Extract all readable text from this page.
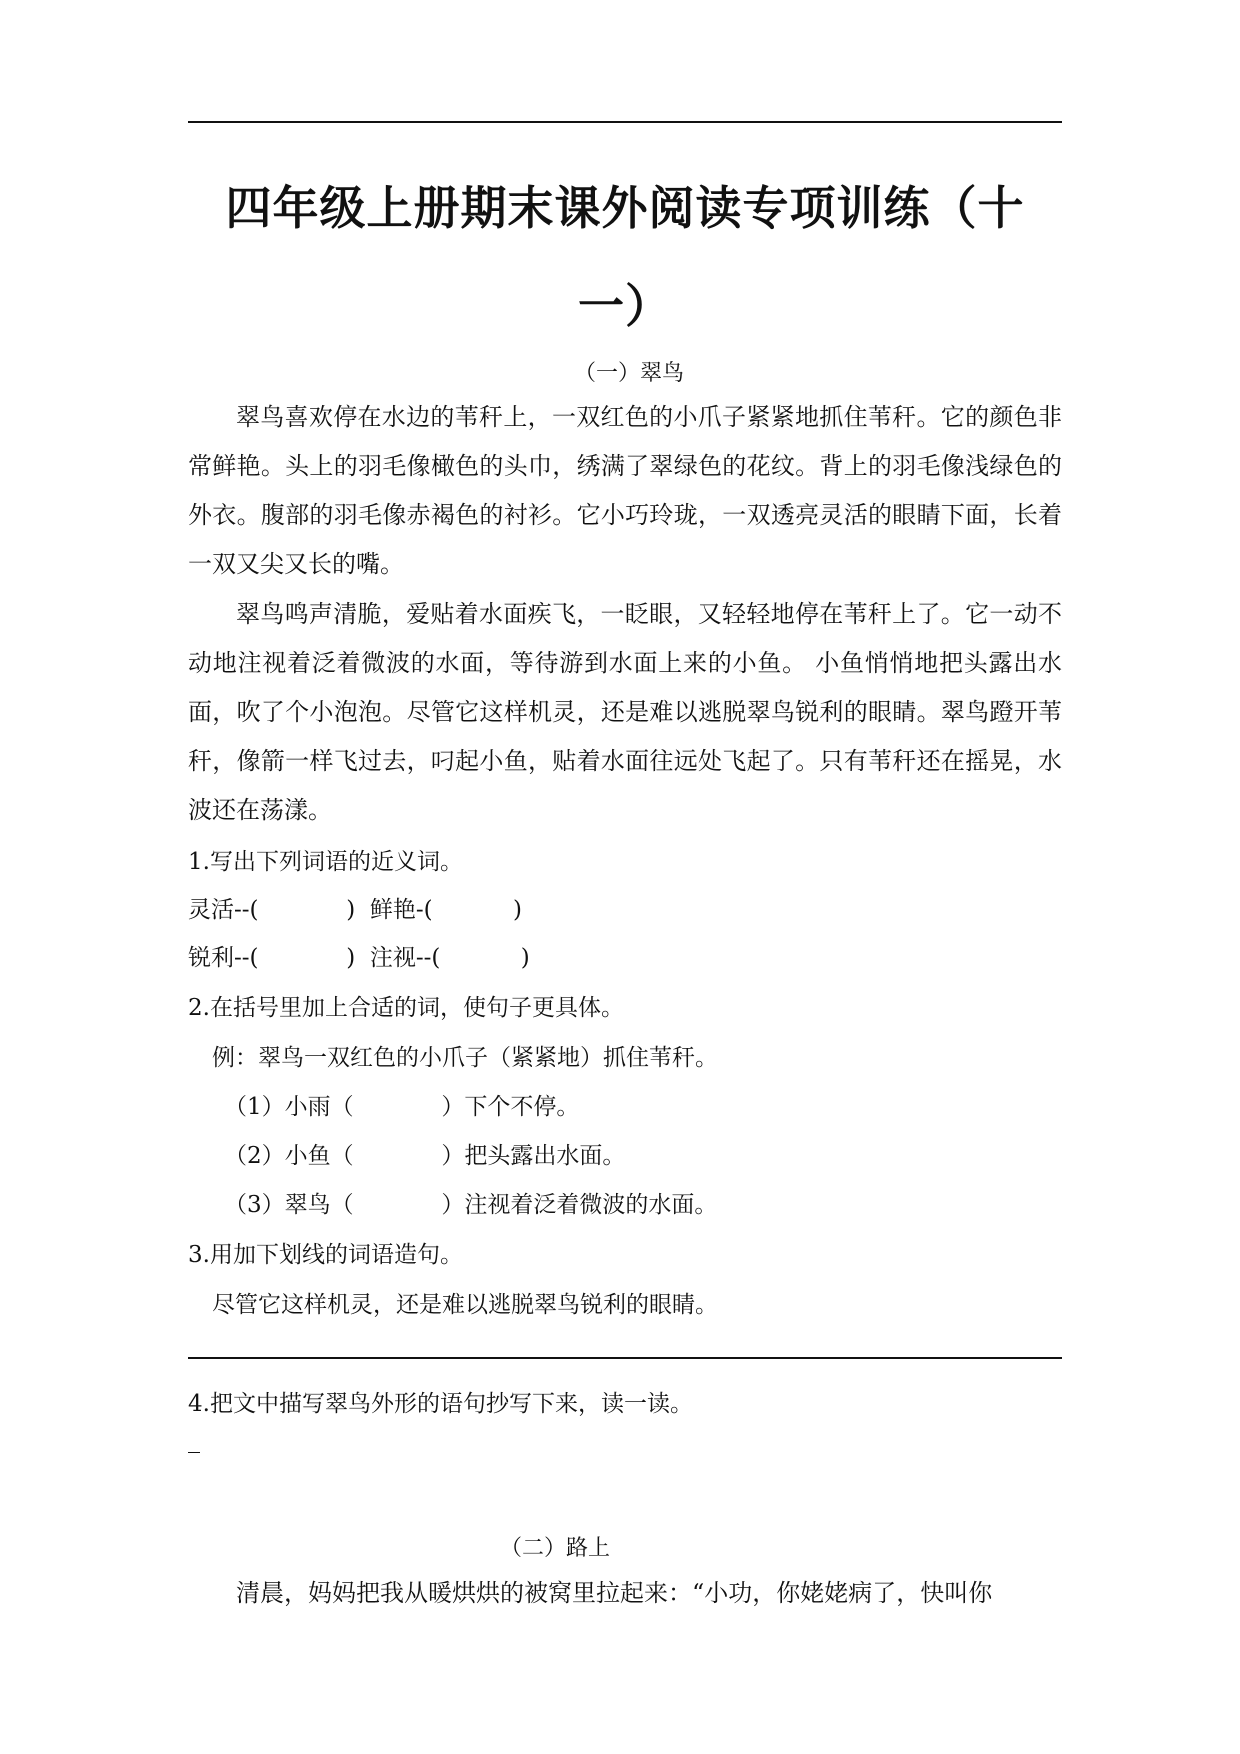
四年级上册期末课外阅读专项训练（十
一）
（一）翠鸟
翠鸟喜欢停在水边的苇秆上，一双红色的小爪子紧紧地抓住苇秆。它的颜色非常鲜艳。头上的羽毛像橄色的头巾，绣满了翠绿色的花纹。背上的羽毛像浅绿色的外衣。腹部的羽毛像赤褐色的衬衫。它小巧玲珑，一双透亮灵活的眼睛下面，长着一双又尖又长的嘴。
翠鸟鸣声清脆，爱贴着水面疾飞，一眨眼，又轻轻地停在苇秆上了。它一动不动地注视着泛着微波的水面，等待游到水面上来的小鱼。 小鱼悄悄地把头露出水面，吹了个小泡泡。尽管它这样机灵，还是难以逃脱翠鸟锐利的眼睛。翠鸟蹬开苇秆，像箭一样飞过去，叼起小鱼，贴着水面往远处飞起了。只有苇秆还在摇晃，水波还在荡漾。
1.写出下列词语的近义词。
灵活--(            )  鲜艳-(           )
锐利--(            )  注视--(           )
2.在括号里加上合适的词，使句子更具体。
例：翠鸟一双红色的小爪子（紧紧地）抓住苇秆。
（1）小雨（            ）下个不停。
（2）小鱼（            ）把头露出水面。
（3）翠鸟（            ）注视着泛着微波的水面。
3.用加下划线的词语造句。
尽管它这样机灵，还是难以逃脱翠鸟锐利的眼睛。
4.把文中描写翠鸟外形的语句抄写下来，读一读。
（二）路上
清晨，妈妈把我从暖烘烘的被窝里拉起来：“小功，你姥姥病了，快叫你
